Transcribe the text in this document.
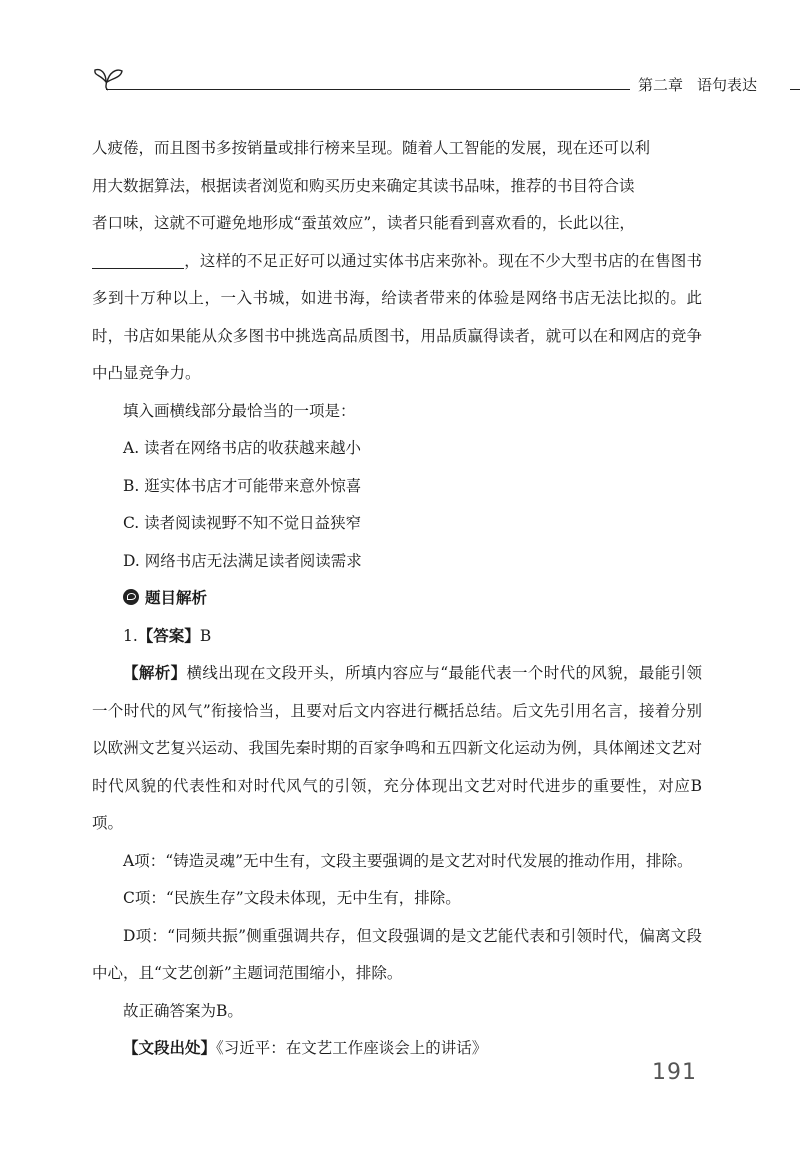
第二章 语句表达

人疲倦，而且图书多按销量或排行榜来呈现。随着人工智能的发展，现在还可以利

用大数据算法，根据读者浏览和购买历史来确定其读书品味，推荐的书目符合读

者口味，这就不可避免地形成“蚕茧效应”，读者只能看到喜欢看的，长此以往，

，这样的不足正好可以通过实体书店来弥补。现在不少大型书店的在售图书多到十万种以上，一入书城，如进书海，给读者带来的体验是网络书店无法比拟的。此时，书店如果能从众多图书中挑选高品质图书，用品质赢得读者，就可以在和网店的竞争中凸显竞争力。

填入画横线部分最恰当的一项是：

A. 读者在网络书店的收获越来越小

B. 逛实体书店才可能带来意外惊喜

C. 读者阅读视野不知不觉日益狭窄

D. 网络书店无法满足读者阅读需求

题目解析

1.【答案】B

【解析】横线出现在文段开头，所填内容应与“最能代表一个时代的风貌，最能引领一个时代的风气”衔接恰当，且要对后文内容进行概括总结。后文先引用名言，接着分别以欧洲文艺复兴运动、我国先秦时期的百家争鸣和五四新文化运动为例，具体阐述文艺对时代风貌的代表性和对时代风气的引领，充分体现出文艺对时代进步的重要性，对应B项。

A项：“铸造灵魂”无中生有，文段主要强调的是文艺对时代发展的推动作用，排除。

C项：“民族生存”文段未体现，无中生有，排除。

D项：“同频共振”侧重强调共存，但文段强调的是文艺能代表和引领时代，偏离文段中心，且“文艺创新”主题词范围缩小，排除。

故正确答案为B。

【文段出处】《习近平：在文艺工作座谈会上的讲话》

191
